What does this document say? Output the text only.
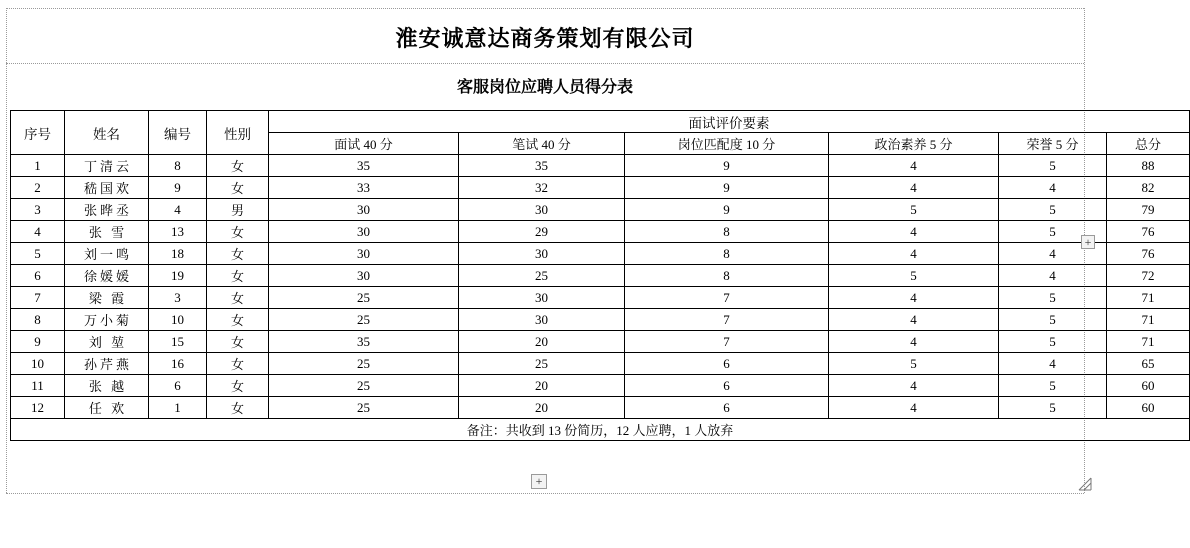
淮安诚意达商务策划有限公司
客服岗位应聘人员得分表
序号	姓名	编号	性别	面试评价要素					
				面试 40 分	笔试 40 分	岗位匹配度 10 分	政治素养 5 分	荣誉 5 分	总分
1	丁清云	8	女	35	35	9	4	5	88
2	嵇国欢	9	女	33	32	9	4	4	82
3	张晔丞	4	男	30	30	9	5	5	79
4	张 雪	13	女	30	29	8	4	5	76
5	刘一鸣	18	女	30	30	8	4	4	76
6	徐媛媛	19	女	30	25	8	5	4	72
7	梁 霞	3	女	25	30	7	4	5	71
8	万小菊	10	女	25	30	7	4	5	71
9	刘 堃	15	女	35	20	7	4	5	71
10	孙芹燕	16	女	25	25	6	5	4	65
11	张 越	6	女	25	20	6	4	5	60
12	任 欢	1	女	25	20	6	4	5	60
备注：共收到 13 份简历，12 人应聘，1 人放弃									
+
+
